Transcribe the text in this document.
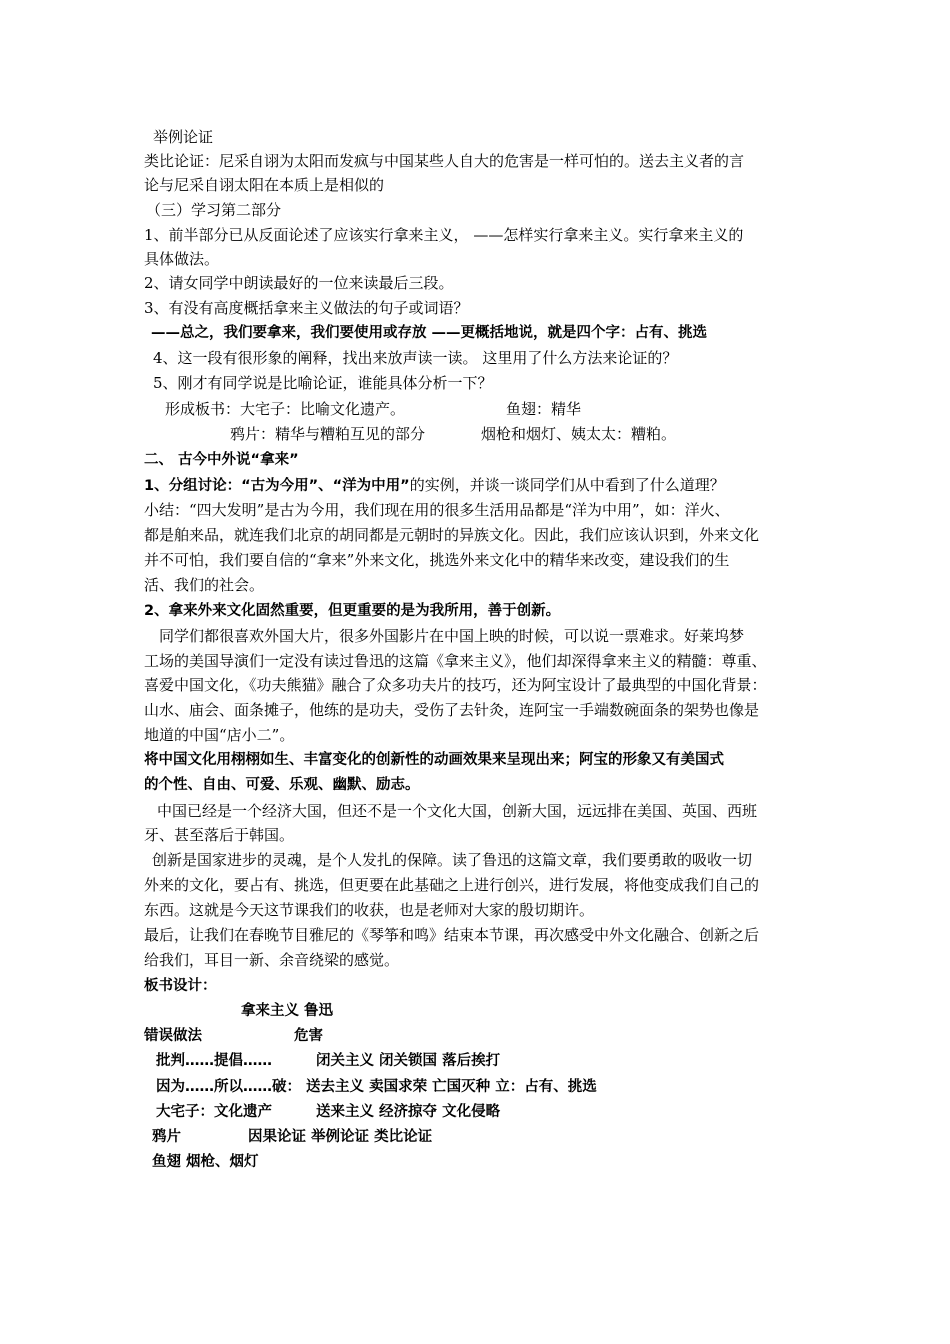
举例论证
类比论证：尼采自诩为太阳而发疯与中国某些人自大的危害是一样可怕的。送去主义者的言
论与尼采自诩太阳在本质上是相似的
（三）学习第二部分
1、前半部分已从反面论述了应该实行拿来主义， ——怎样实行拿来主义。实行拿来主义的
具体做法。
2、请女同学中朗读最好的一位来读最后三段。
3、有没有高度概括拿来主义做法的句子或词语？
——总之，我们要拿来，我们要使用或存放 ——更概括地说，就是四个字：占有、挑选
4、这一段有很形象的阐释，找出来放声读一读。 这里用了什么方法来论证的？
5、刚才有同学说是比喻论证，谁能具体分析一下？
形成板书：大宅子：比喻文化遗产。	鱼翅：精华
鸦片：精华与糟粕互见的部分	烟枪和烟灯、姨太太：糟粕。
二、 古今中外说“拿来”
1、分组讨论：“古为今用”、“洋为中用”的实例，并谈一谈同学们从中看到了什么道理？
小结：“四大发明”是古为今用，我们现在用的很多生活用品都是“洋为中用”，如：洋火、
都是舶来品，就连我们北京的胡同都是元朝时的异族文化。因此，我们应该认识到，外来文化
并不可怕，我们要自信的“拿来”外来文化，挑选外来文化中的精华来改变，建设我们的生
活、我们的社会。
2、拿来外来文化固然重要，但更重要的是为我所用，善于创新。
同学们都很喜欢外国大片，很多外国影片在中国上映的时候，可以说一票难求。好莱坞梦
工场的美国导演们一定没有读过鲁迅的这篇《拿来主义》，他们却深得拿来主义的精髓：尊重、
喜爱中国文化，《功夫熊猫》融合了众多功夫片的技巧，还为阿宝设计了最典型的中国化背景：
山水、庙会、面条摊子，他练的是功夫，受伤了去针灸，连阿宝一手端数碗面条的架势也像是
地道的中国“店小二”。
将中国文化用栩栩如生、丰富变化的创新性的动画效果来呈现出来；阿宝的形象又有美国式
的个性、自由、可爱、乐观、幽默、励志。
中国已经是一个经济大国，但还不是一个文化大国，创新大国，远远排在美国、英国、西班
牙、甚至落后于韩国。
创新是国家进步的灵魂，是个人发扎的保障。读了鲁迅的这篇文章，我们要勇敢的吸收一切
外来的文化，要占有、挑选，但更要在此基础之上进行创兴，进行发展，将他变成我们自己的
东西。这就是今天这节课我们的收获，也是老师对大家的殷切期许。
最后，让我们在春晚节目雅尼的《琴筝和鸣》结束本节课，再次感受中外文化融合、创新之后
给我们，耳目一新、余音绕梁的感觉。
板书设计：
拿来主义 鲁迅
错误做法	危害
批判……提倡……	闭关主义 闭关锁国 落后挨打
因为……所以……破： 送去主义 卖国求荣 亡国灭种 立：占有、挑选
大宅子：文化遗产	送来主义 经济掠夺 文化侵略
鸦片	因果论证 举例论证 类比论证
鱼翅 烟枪、烟灯
